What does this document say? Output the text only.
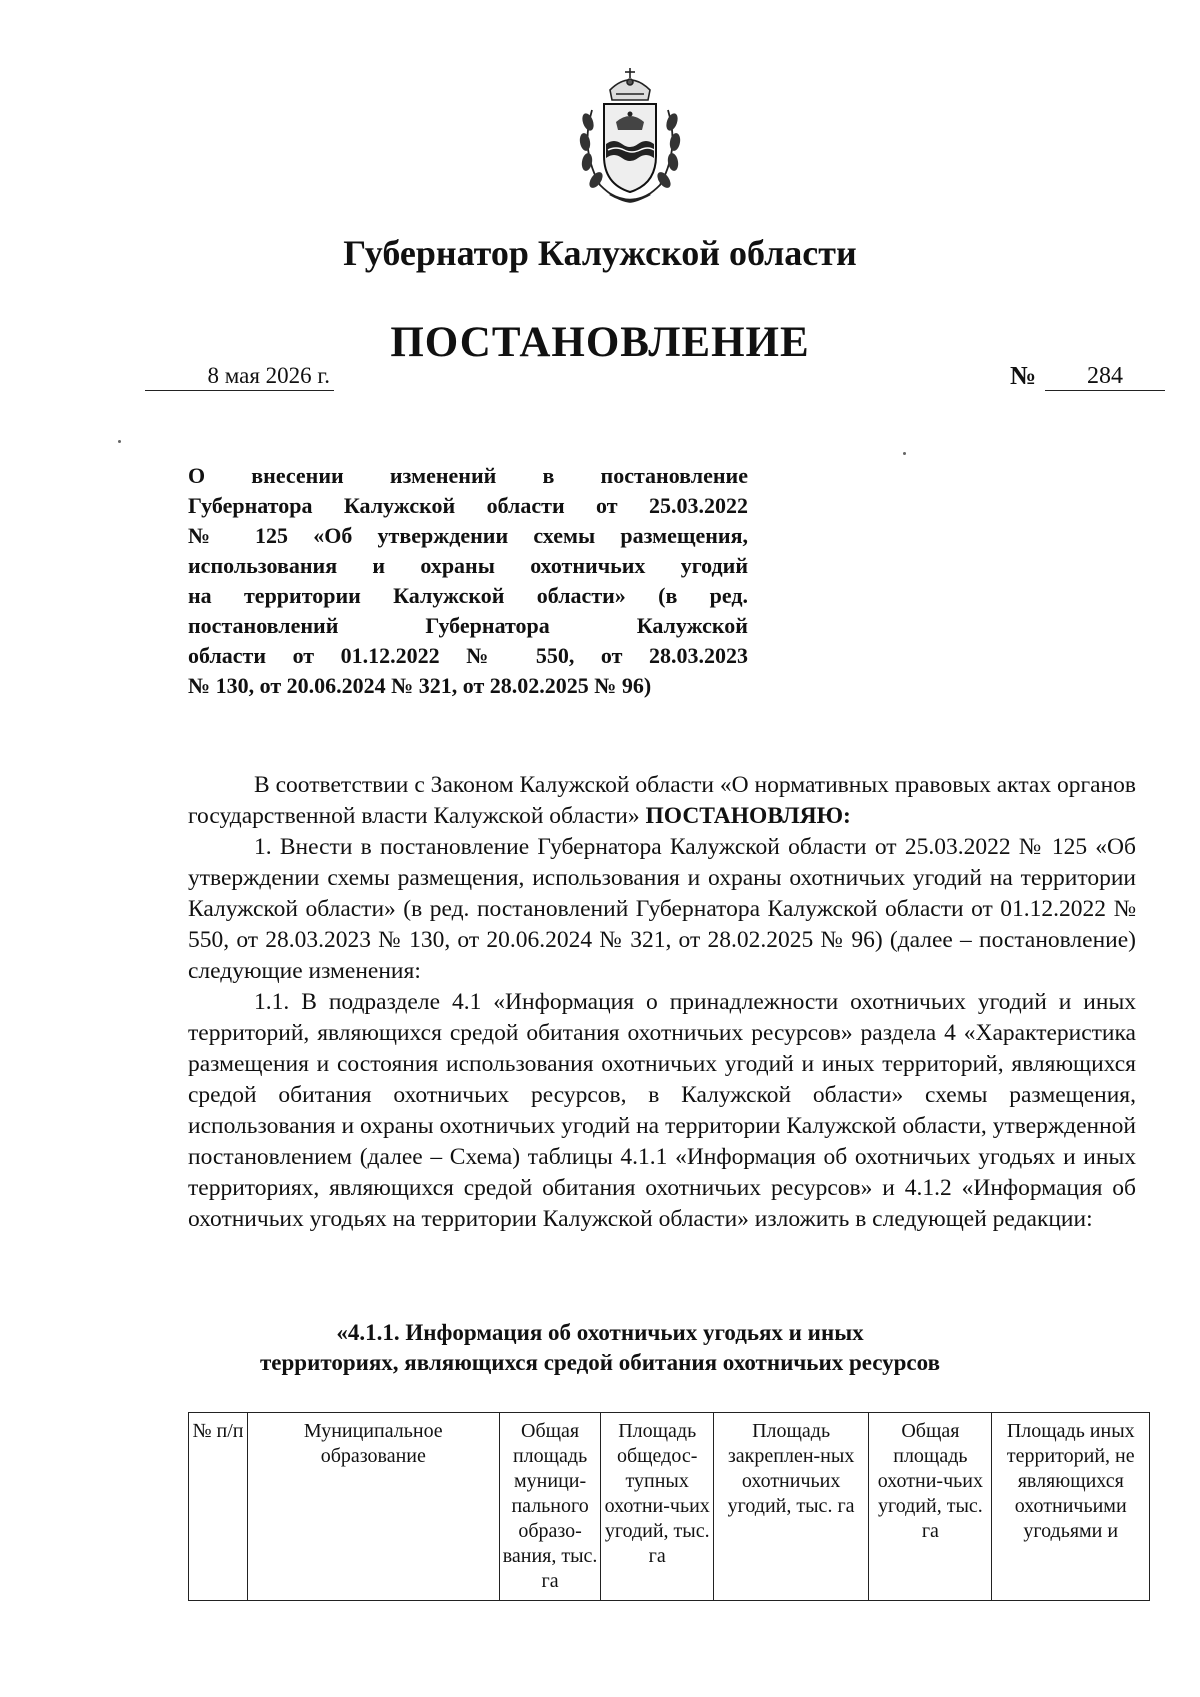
Губернатор Калужской области
ПОСТАНОВЛЕНИЕ
8 мая 2026 г.	№	284
О внесении изменений в постановление
Губернатора Калужской области от 25.03.2022
№ 125 «Об утверждении схемы размещения,
использования и охраны охотничьих угодий
на территории Калужской области» (в ред.
постановлений Губернатора Калужской
области от 01.12.2022 № 550, от 28.03.2023
№ 130, от 20.06.2024 № 321, от 28.02.2025 № 96)

В соответствии с Законом Калужской области «О нормативных правовых актах органов государственной власти Калужской области» ПОСТАНОВЛЯЮ:

1. Внести в постановление Губернатора Калужской области от 25.03.2022 № 125 «Об утверждении схемы размещения, использования и охраны охотничьих угодий на территории Калужской области» (в ред. постановлений Губернатора Калужской области от 01.12.2022 № 550, от 28.03.2023 № 130, от 20.06.2024 № 321, от 28.02.2025 № 96) (далее – постановление) следующие изменения:

1.1. В подразделе 4.1 «Информация о принадлежности охотничьих угодий и иных территорий, являющихся средой обитания охотничьих ресурсов» раздела 4 «Характеристика размещения и состояния использования охотничьих угодий и иных территорий, являющихся средой обитания охотничьих ресурсов, в Калужской области» схемы размещения, использования и охраны охотничьих угодий на территории Калужской области, утвержденной постановлением (далее – Схема) таблицы 4.1.1 «Информация об охотничьих угодьях и иных территориях, являющихся средой обитания охотничьих ресурсов» и 4.1.2 «Информация об охотничьих угодьях на территории Калужской области» изложить в следующей редакции:

«4.1.1. Информация об охотничьих угодьях и иных
территориях, являющихся средой обитания охотничьих ресурсов
№ п/п	Муниципальное образование	Общая площадь муници-пального образо-вания, тыс. га	Площадь общедос-тупных охотни-чьих угодий, тыс. га	Площадь закреплен-ных охотничьих угодий, тыс. га	Общая площадь охотни-чьих угодий, тыс. га	Площадь иных территорий, не являющихся охотничьими угодьями и
